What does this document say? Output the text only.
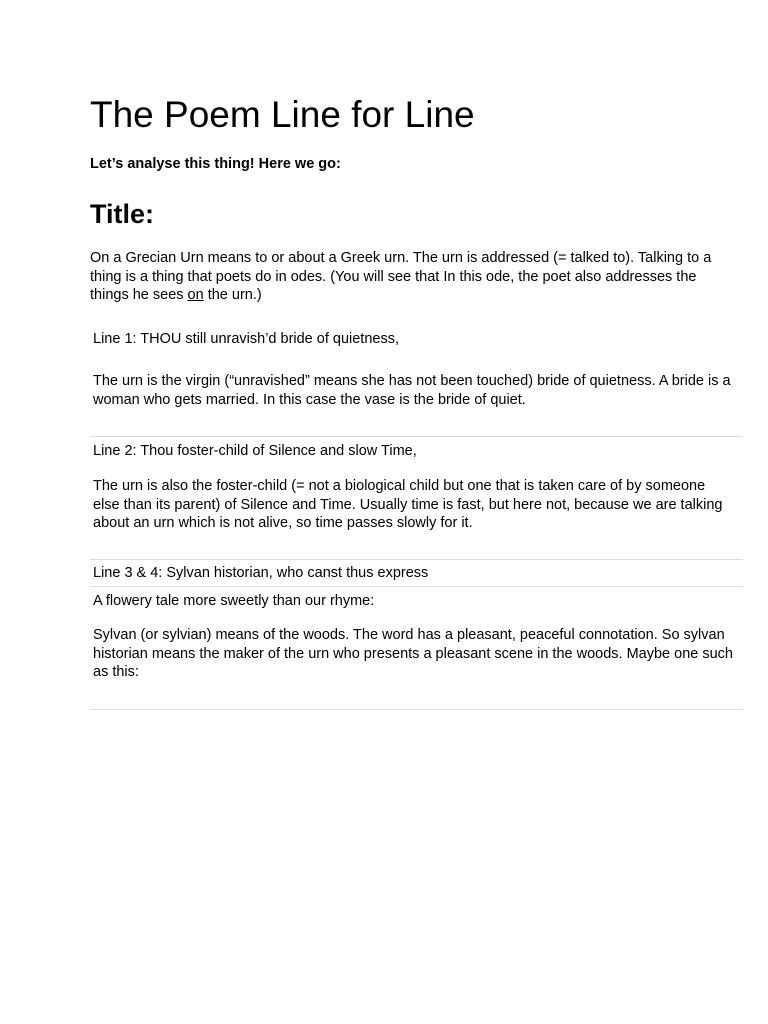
The Poem Line for Line

Let’s analyse this thing! Here we go:

Title:

On a Grecian Urn means to or about a Greek urn. The urn is addressed (= talked to). Talking to a thing is a thing that poets do in odes. (You will see that In this ode, the poet also addresses the things he sees on the urn.)

Line 1: THOU still unravish’d bride of quietness,
The urn is the virgin (“unravished” means she has not been touched) bride of quietness. A bride is a woman who gets married. In this case the vase is the bride of quiet.
Line 2: Thou foster-child of Silence and slow Time,
The urn is also the foster-child (= not a biological child but one that is taken care of by someone else than its parent) of Silence and Time. Usually time is fast, but here not, because we are talking about an urn which is not alive, so time passes slowly for it.
Line 3 & 4: Sylvan historian, who canst thus express
A flowery tale more sweetly than our rhyme:
Sylvan (or sylvian) means of the woods. The word has a pleasant, peaceful connotation. So sylvan historian means the maker of the urn who presents a pleasant scene in the woods. Maybe one such as this:
